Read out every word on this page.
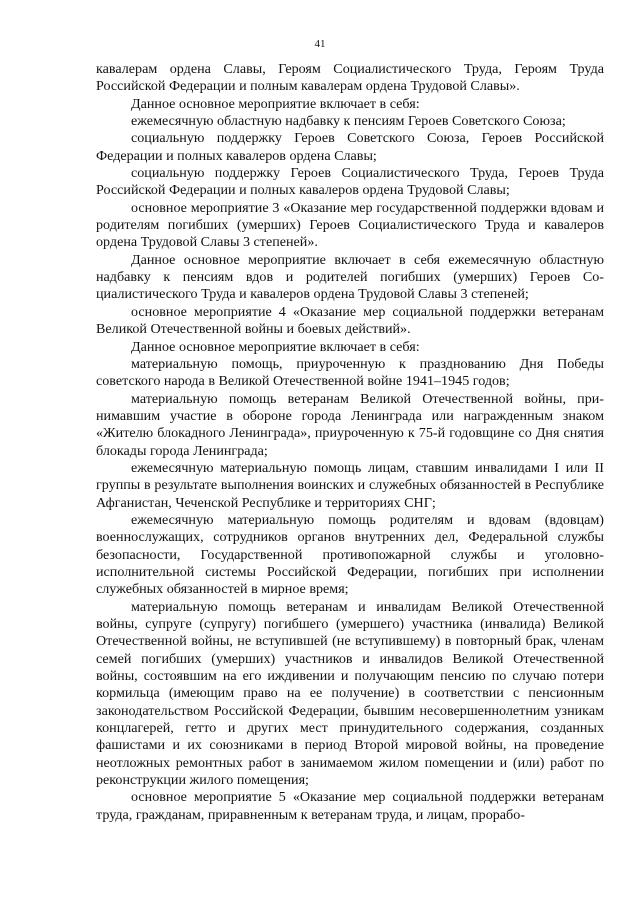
41

кавалерам ордена Славы, Героям Социалистического Труда, Героям Труда Российской Федерации и полным кавалерам ордена Трудовой Славы».

Данное основное мероприятие включает в себя:

ежемесячную областную надбавку к пенсиям Героев Советского Союза;

социальную поддержку Героев Советского Союза, Героев Российской Федерации и полных кавалеров ордена Славы;

социальную поддержку Героев Социалистического Труда, Героев Труда Российской Федерации и полных кавалеров ордена Трудовой Славы;

основное мероприятие 3 «Оказание мер государственной поддержки вдовам и родителям погибших (умерших) Героев Социалистического Труда и кавалеров ордена Трудовой Славы 3 степеней».

Данное основное мероприятие включает в себя ежемесячную областную надбавку к пенсиям вдов и родителей погибших (умерших) Героев Социалистического Труда и кавалеров ордена Трудовой Славы 3 степеней;

основное мероприятие 4 «Оказание мер социальной поддержки ветеранам Великой Отечественной войны и боевых действий».

Данное основное мероприятие включает в себя:

материальную помощь, приуроченную к празднованию Дня Победы советского народа в Великой Отечественной войне 1941–1945 годов;

материальную помощь ветеранам Великой Отечественной войны, принимавшим участие в обороне города Ленинграда или награжденным знаком «Жителю блокадного Ленинграда», приуроченную к 75-й годовщине со Дня снятия блокады города Ленинграда;

ежемесячную материальную помощь лицам, ставшим инвалидами I или II группы в результате выполнения воинских и служебных обязанностей в Республике Афганистан, Чеченской Республике и территориях СНГ;

ежемесячную материальную помощь родителям и вдовам (вдовцам) военнослужащих, сотрудников органов внутренних дел, Федеральной службы безопасности, Государственной противопожарной службы и уголовно-исполнительной системы Российской Федерации, погибших при исполнении служебных обязанностей в мирное время;

материальную помощь ветеранам и инвалидам Великой Отечественной войны, супруге (супругу) погибшего (умершего) участника (инвалида) Великой Отечественной войны, не вступившей (не вступившему) в повторный брак, членам семей погибших (умерших) участников и инвалидов Великой Отечественной войны, состоявшим на его иждивении и получающим пенсию по случаю потери кормильца (имеющим право на ее получение) в соответствии с пенсионным законодательством Российской Федерации, бывшим несовершеннолетним узникам концлагерей, гетто и других мест принудительного содержания, созданных фашистами и их союзниками в период Второй мировой войны, на проведение неотложных ремонтных работ в занимаемом жилом помещении и (или) работ по реконструкции жилого помещения;

основное мероприятие 5 «Оказание мер социальной поддержки ветеранам труда, гражданам, приравненным к ветеранам труда, и лицам, прорабо-
